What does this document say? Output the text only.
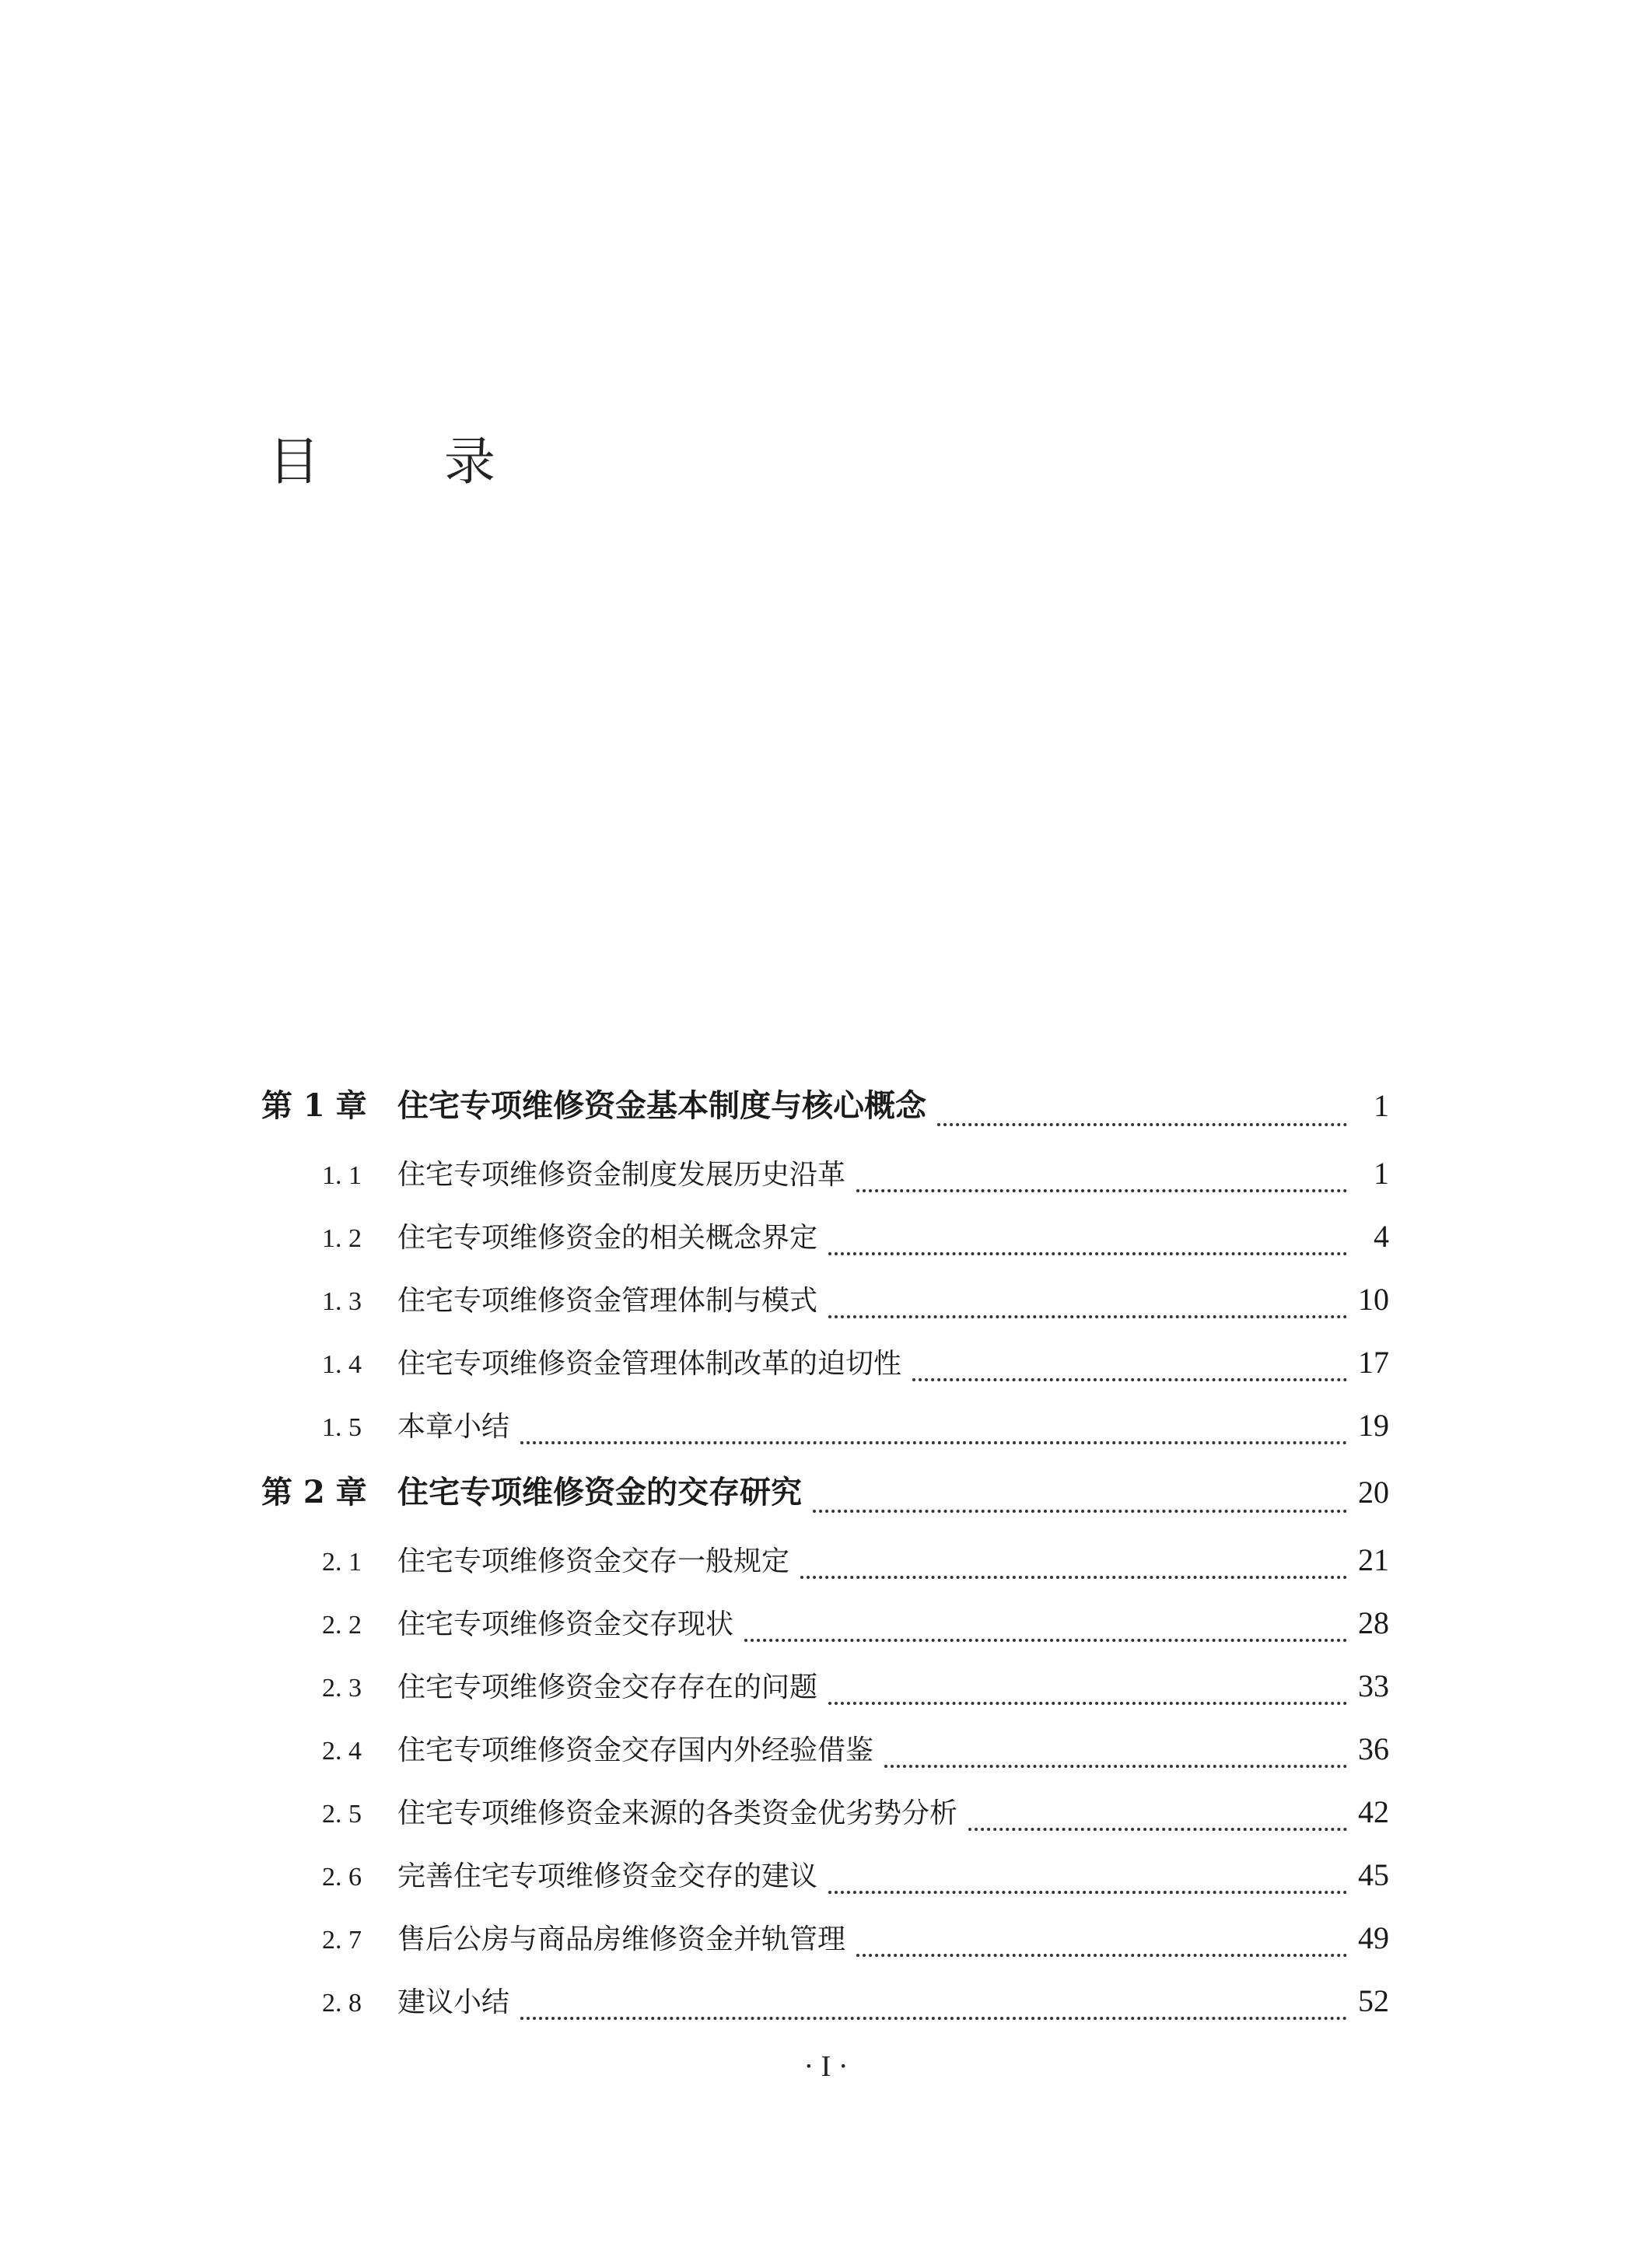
目 录
第 1 章 住宅专项维修资金基本制度与核心概念	1
1. 1	住宅专项维修资金制度发展历史沿革	1
1. 2	住宅专项维修资金的相关概念界定	4
1. 3	住宅专项维修资金管理体制与模式	10
1. 4	住宅专项维修资金管理体制改革的迫切性	17
1. 5	本章小结	19
第 2 章 住宅专项维修资金的交存研究	20
2. 1	住宅专项维修资金交存一般规定	21
2. 2	住宅专项维修资金交存现状	28
2. 3	住宅专项维修资金交存存在的问题	33
2. 4	住宅专项维修资金交存国内外经验借鉴	36
2. 5	住宅专项维修资金来源的各类资金优劣势分析	42
2. 6	完善住宅专项维修资金交存的建议	45
2. 7	售后公房与商品房维修资金并轨管理	49
2. 8	建议小结	52
· I ·
